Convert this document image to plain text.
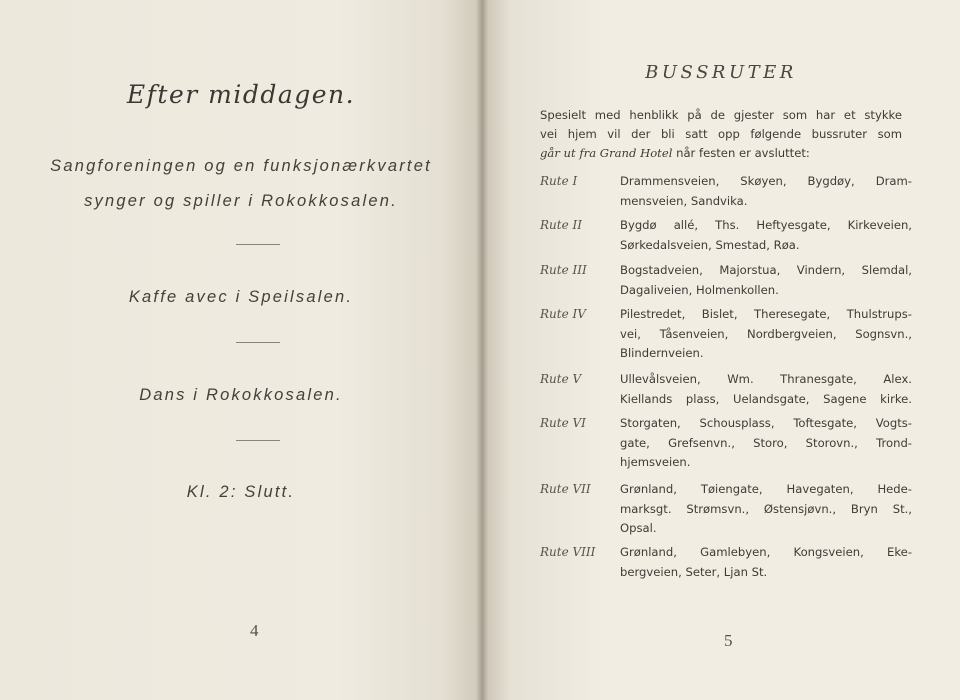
Efter middagen.
Sangforeningen og en funksjonærkvartet
synger og spiller i Rokokkosalen.
Kaffe avec i Speilsalen.
Dans i Rokokkosalen.
Kl. 2: Slutt.
4
BUSSRUTER
Spesielt med henblikk på de gjester som har et stykke
vei hjem vil der bli satt opp følgende bussruter som
går ut fra Grand Hotel når festen er avsluttet:
Rute I	Drammensveien, Skøyen, Bygdøy, Dram-
mensveien, Sandvika.
Rute II	Bygdø allé, Ths. Heftyesgate, Kirkeveien,
Sørkedalsveien, Smestad, Røa.
Rute III	Bogstadveien, Majorstua, Vindern, Slemdal,
Dagaliveien, Holmenkollen.
Rute IV	Pilestredet, Bislet, Theresegate, Thulstrups-
vei, Tåsenveien, Nordbergveien, Sognsvn.,
Blindernveien.
Rute V	Ullevålsveien, Wm. Thranesgate, Alex.
Kiellands plass, Uelandsgate, Sagene kirke.
Rute VI	Storgaten, Schousplass, Toftesgate, Vogts-
gate, Grefsenvn., Storo, Storovn., Trond-
hjemsveien.
Rute VII	Grønland, Tøiengate, Havegaten, Hede-
marksgt. Strømsvn., Østensjøvn., Bryn St.,
Opsal.
Rute VIII	Grønland, Gamlebyen, Kongsveien, Eke-
bergveien, Seter, Ljan St.
5
